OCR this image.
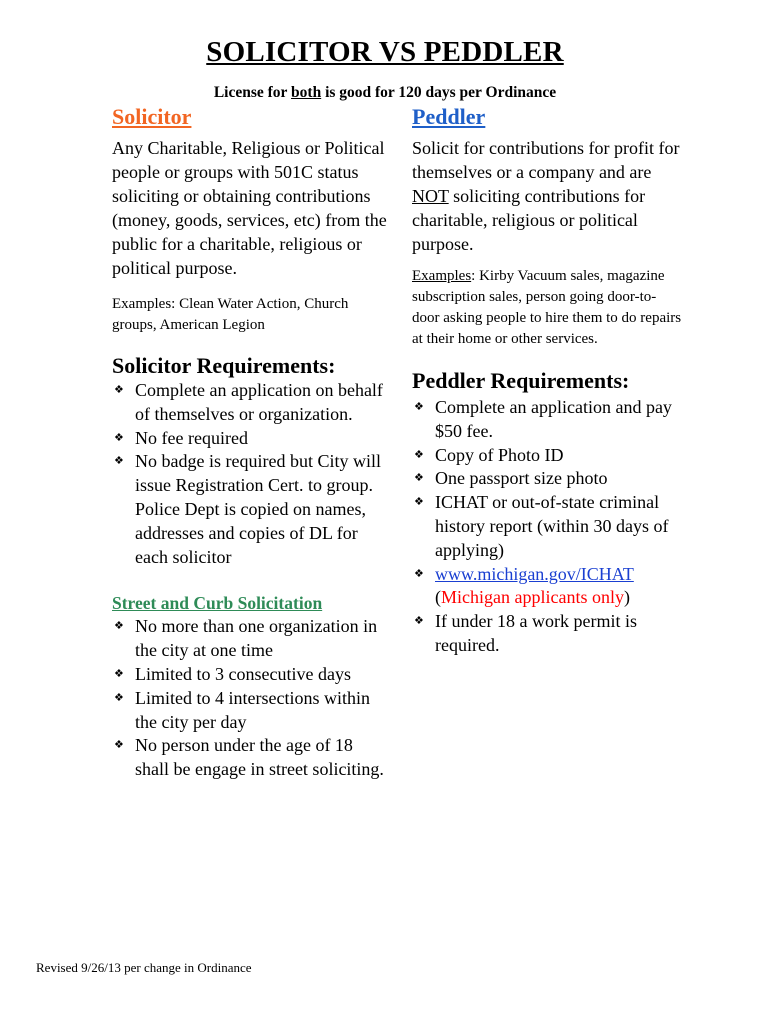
SOLICITOR VS PEDDLER
License for both is good for 120 days per Ordinance
Solicitor

Any Charitable, Religious or Political people or groups with 501C status soliciting or obtaining contributions (money, goods, services, etc) from the public for a charitable, religious or political purpose.

Examples: Clean Water Action, Church groups, American Legion

Solicitor Requirements:
❖ Complete an application on behalf of themselves or organization.
❖ No fee required
❖ No badge is required but City will issue Registration Cert. to group. Police Dept is copied on names, addresses and copies of DL for each solicitor
Street and Curb Solicitation
❖ No more than one organization in the city at one time
❖ Limited to 3 consecutive days
❖ Limited to 4 intersections within the city per day
❖ No person under the age of 18 shall be engage in street soliciting.
Peddler

Solicit for contributions for profit for themselves or a company and are NOT soliciting contributions for charitable, religious or political purpose.

Examples: Kirby Vacuum sales, magazine subscription sales, person going door-to-door asking people to hire them to do repairs at their home or other services.

Peddler Requirements:
❖ Complete an application and pay $50 fee.
❖ Copy of Photo ID
❖ One passport size photo
❖ ICHAT or out-of-state criminal history report (within 30 days of applying)
❖ www.michigan.gov/ICHAT
(Michigan applicants only)
❖ If under 18 a work permit is required.
Revised 9/26/13 per change in Ordinance
